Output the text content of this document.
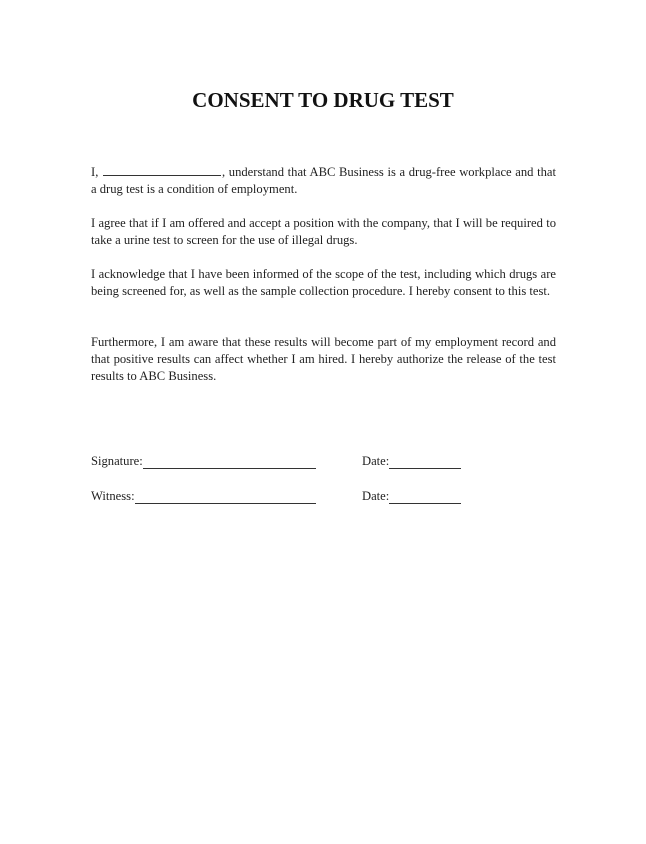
CONSENT TO DRUG TEST

I,	, understand that ABC Business is a drug-free workplace and that a drug test is a condition of employment.

I agree that if I am offered and accept a position with the company, that I will be required to take a urine test to screen for the use of illegal drugs.

I acknowledge that I have been informed of the scope of the test, including which drugs are being screened for, as well as the sample collection procedure. I hereby consent to this test.

Furthermore, I am aware that these results will become part of my employment record and that positive results can affect whether I am hired. I hereby authorize the release of the test results to ABC Business.

Signature:	Date:
Witness:	Date:
